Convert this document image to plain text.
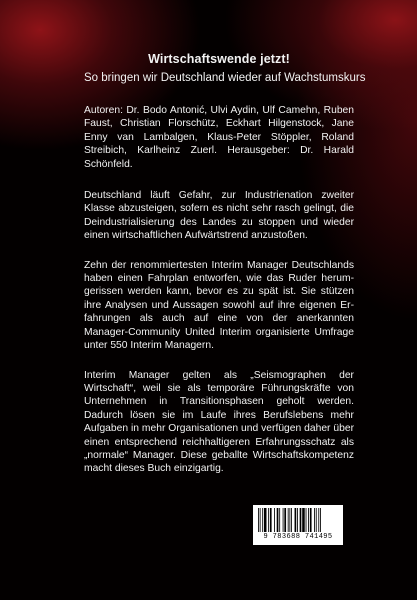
Wirtschaftswende jetzt!
So bringen wir Deutschland wieder auf Wachstumskurs

Autoren: Dr. Bodo Antonić, Ulvi Aydin, Ulf Camehn, Ruben Faust, Christian Florschütz, Eckhart Hilgenstock, Jane Enny van Lambalgen, Klaus-Peter Stöppler, Roland Streibich, Karlheinz Zuerl. Herausgeber: Dr. Harald Schönfeld.

Deutschland läuft Gefahr, zur Industrienation zweiter Klasse abzusteigen, sofern es nicht sehr rasch gelingt, die Deindustrialisierung des Landes zu stoppen und wieder einen wirtschaftlichen Aufwärtstrend anzustoßen.

Zehn der renommiertesten Interim Manager Deutschlands haben einen Fahrplan entworfen, wie das Ruder herumgerissen werden kann, bevor es zu spät ist. Sie stützen ihre Analysen und Aussagen sowohl auf ihre eigenen Erfahrungen als auch auf eine von der anerkannten Manager-Community United Interim organisierte Umfrage unter 550 Interim Managern.

Interim Manager gelten als „Seismographen der Wirtschaft“, weil sie als temporäre Führungskräfte von Unternehmen in Transitionsphasen geholt werden. Dadurch lösen sie im Laufe ihres Berufslebens mehr Aufgaben in mehr Organisationen und verfügen daher über einen entsprechend reichhaltigeren Erfahrungsschatz als „normale“ Manager. Diese geballte Wirtschaftskompetenz macht dieses Buch einzigartig.

9 783688 741495
